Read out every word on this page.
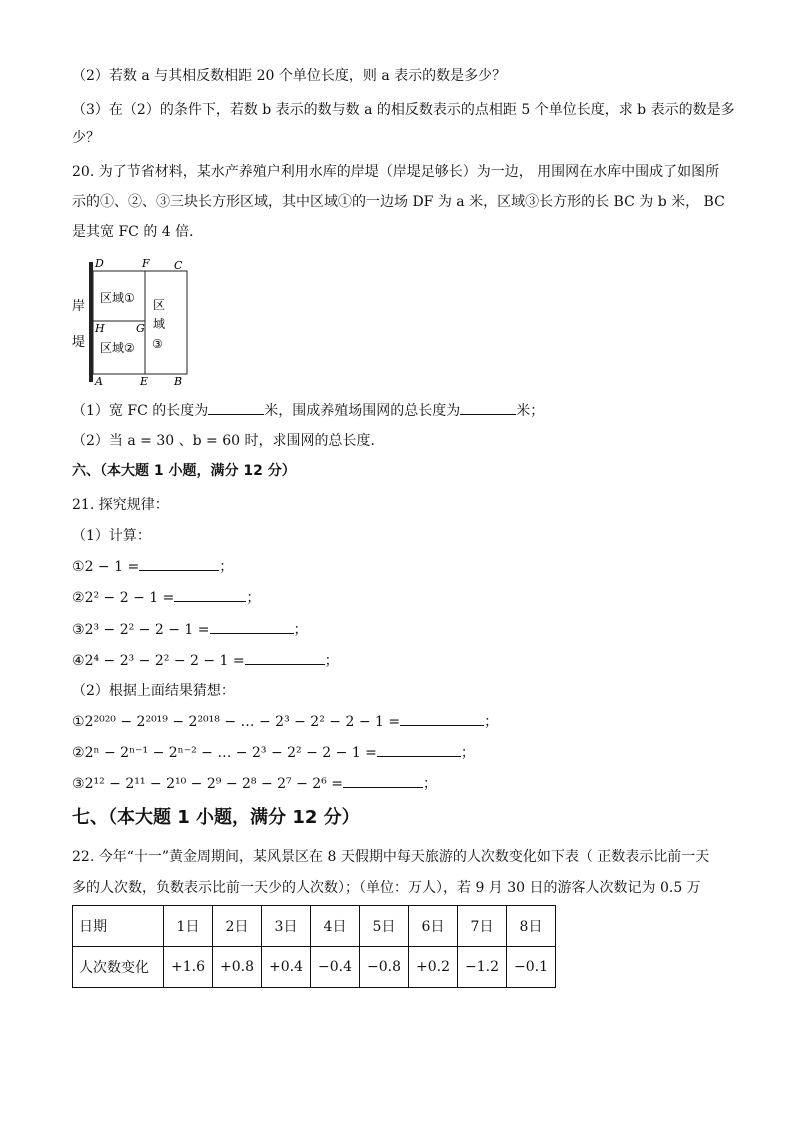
（2）若数 a 与其相反数相距 20 个单位长度，则 a 表示的数是多少？
（3）在（2）的条件下，若数 b 表示的数与数 a 的相反数表示的点相距 5 个单位长度，求 b 表示的数是多
少？
20. 为了节省材料，某水产养殖户利用水库的岸堤（岸堤足够长）为一边， 用围网在水库中围成了如图所
示的①、②、③三块长方形区域，其中区域①的一边场 DF 为 a 米，区域③长方形的长 BC 为 b 米， BC
是其宽 FC 的 4 倍．
岸
堤
D	F C
H	G
A	E B
区域①
区域②
区
域
③
（1）宽 FC 的长度为	米，围成养殖场围网的总长度为	米；
（2）当 a = 30 、b = 60 时，求围网的总长度．
六、（本大题 1 小题，满分 12 分）
21. 探究规律：
（1）计算：
①2 − 1 =	；
②2² − 2 − 1 =	；
③2³ − 2² − 2 − 1 =	；
④2⁴ − 2³ − 2² − 2 − 1 =	；
（2）根据上面结果猜想：
①2²⁰²⁰ − 2²⁰¹⁹ − 2²⁰¹⁸ − … − 2³ − 2² − 2 − 1 =	；
②2ⁿ − 2ⁿ⁻¹ − 2ⁿ⁻² − … − 2³ − 2² − 2 − 1 =	；
③2¹² − 2¹¹ − 2¹⁰ − 2⁹ − 2⁸ − 2⁷ − 2⁶ =	；
七、（本大题 1 小题，满分 12 分）
22. 今年“十一”黄金周期间，某风景区在 8 天假期中每天旅游的人次数变化如下表（ 正数表示比前一天
多的人次数，负数表示比前一天少的人次数）；（单位：万人），若 9 月 30 日的游客人次数记为 0.5 万
日期	1日	2日	3日	4日	5日	6日	7日	8日
人次数变化	+1.6	+0.8	+0.4	−0.4	−0.8	+0.2	−1.2	−0.1
